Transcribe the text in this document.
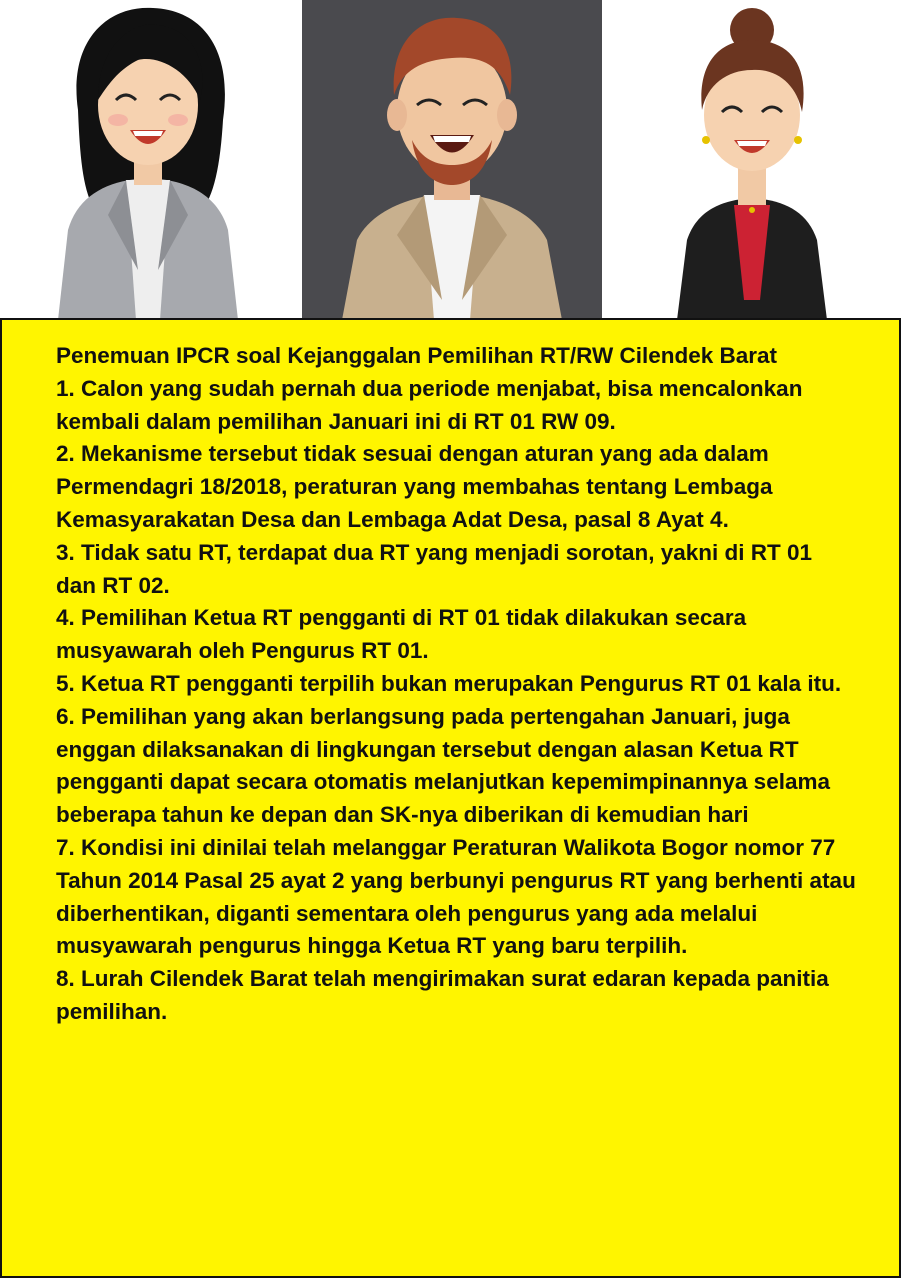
Penemuan IPCR soal Kejanggalan Pemilihan RT/RW Cilendek Barat

1. Calon yang sudah pernah dua periode menjabat, bisa mencalonkan kembali dalam pemilihan Januari ini di RT 01 RW 09.

2. Mekanisme tersebut tidak sesuai dengan aturan yang ada dalam Permendagri 18/2018, peraturan yang membahas tentang Lembaga Kemasyarakatan Desa dan Lembaga Adat Desa, pasal 8 Ayat 4.

3. Tidak satu RT, terdapat dua RT yang menjadi sorotan, yakni di RT 01 dan RT 02.

4. Pemilihan Ketua RT pengganti di RT 01 tidak dilakukan secara musyawarah oleh Pengurus RT 01.

5. Ketua RT pengganti terpilih bukan merupakan Pengurus RT 01 kala itu.

6. Pemilihan yang akan berlangsung pada pertengahan Januari, juga enggan dilaksanakan di lingkungan tersebut dengan alasan Ketua RT pengganti dapat secara otomatis melanjutkan kepemimpinannya selama beberapa tahun ke depan dan SK-nya diberikan di kemudian hari

7. Kondisi ini dinilai telah melanggar Peraturan Walikota Bogor nomor 77 Tahun 2014 Pasal 25 ayat 2 yang berbunyi pengurus RT yang berhenti atau diberhentikan, diganti sementara oleh pengurus yang ada melalui musyawarah pengurus hingga Ketua RT yang baru terpilih.

8. Lurah Cilendek Barat telah mengirimakan surat edaran kepada panitia pemilihan.
